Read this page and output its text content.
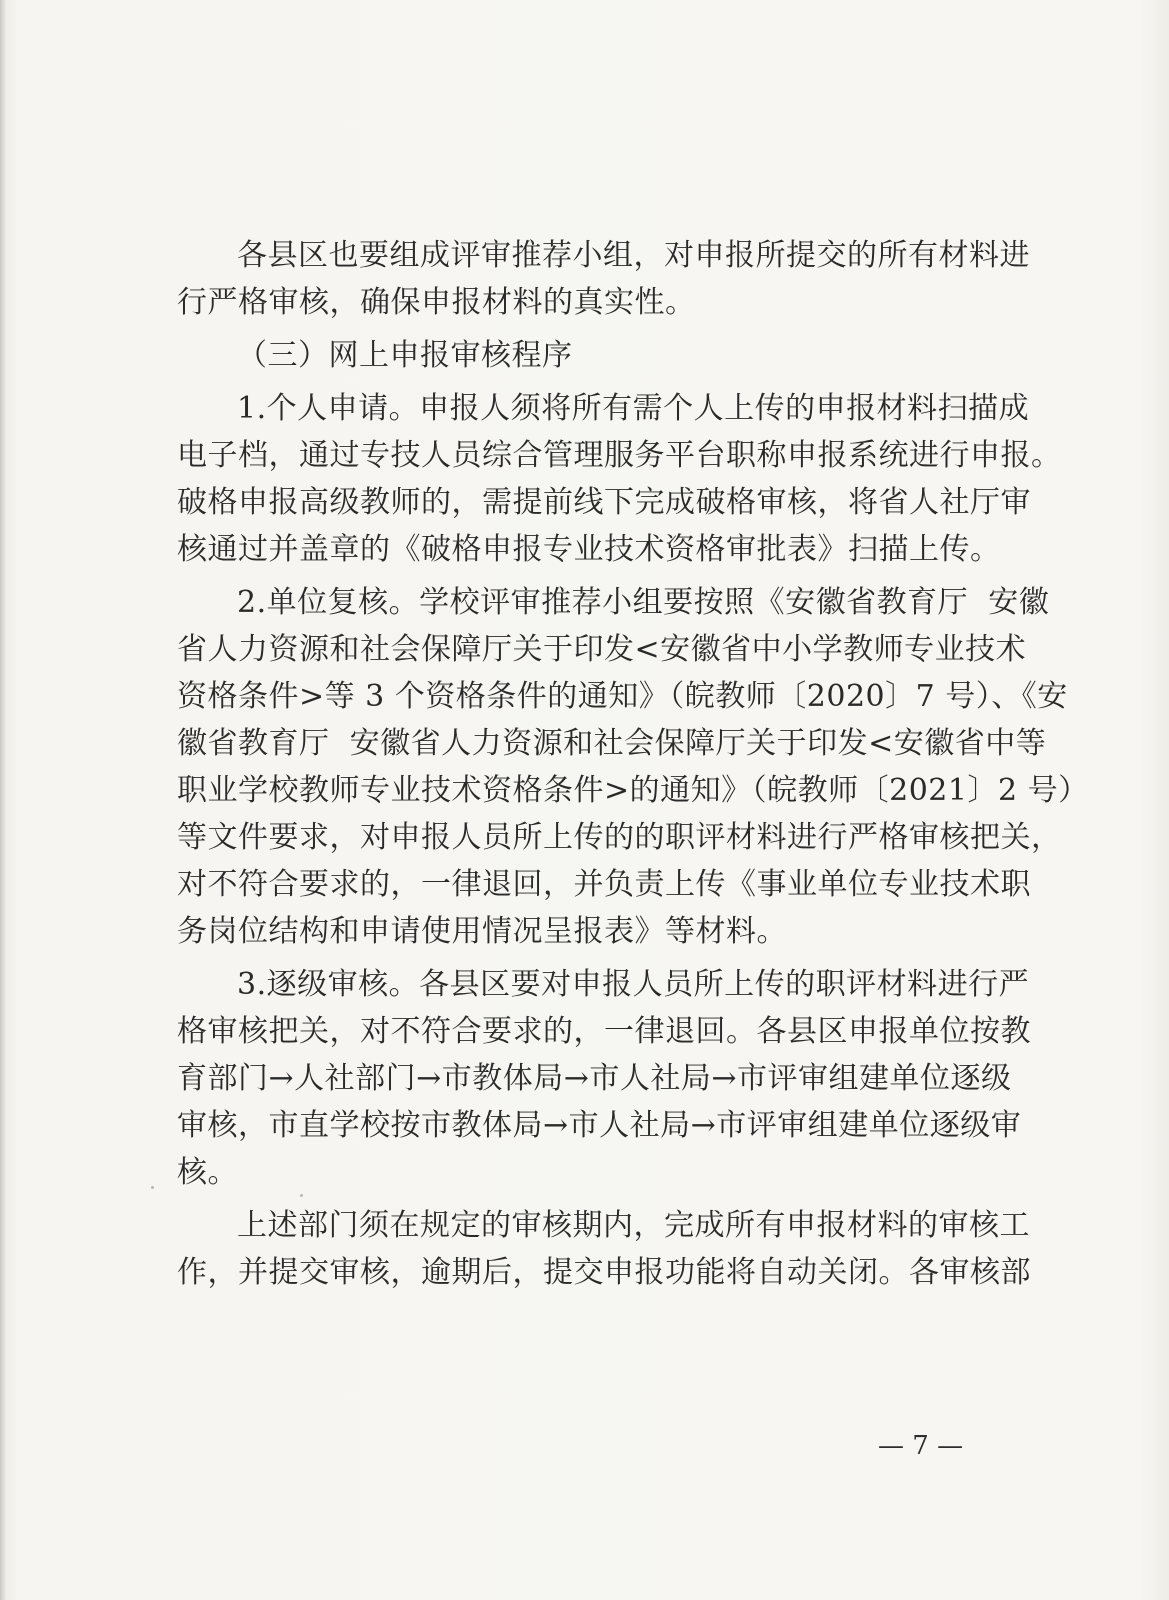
各县区也要组成评审推荐小组，对申报所提交的所有材料进
行严格审核，确保申报材料的真实性。
（三）网上申报审核程序
1.个人申请。申报人须将所有需个人上传的申报材料扫描成
电子档，通过专技人员综合管理服务平台职称申报系统进行申报。
破格申报高级教师的，需提前线下完成破格审核，将省人社厅审
核通过并盖章的《破格申报专业技术资格审批表》扫描上传。
2.单位复核。学校评审推荐小组要按照《安徽省教育厅  安徽
省人力资源和社会保障厅关于印发<安徽省中小学教师专业技术
资格条件>等 3 个资格条件的通知》（皖教师〔2020〕7 号）、《安
徽省教育厅  安徽省人力资源和社会保障厅关于印发<安徽省中等
职业学校教师专业技术资格条件>的通知》（皖教师〔2021〕2 号）
等文件要求，对申报人员所上传的的职评材料进行严格审核把关，
对不符合要求的，一律退回，并负责上传《事业单位专业技术职
务岗位结构和申请使用情况呈报表》等材料。
3.逐级审核。各县区要对申报人员所上传的职评材料进行严
格审核把关，对不符合要求的，一律退回。各县区申报单位按教
育部门→人社部门→市教体局→市人社局→市评审组建单位逐级
审核，市直学校按市教体局→市人社局→市评审组建单位逐级审
核。
上述部门须在规定的审核期内，完成所有申报材料的审核工
作，并提交审核，逾期后，提交申报功能将自动关闭。各审核部
— 7 —
